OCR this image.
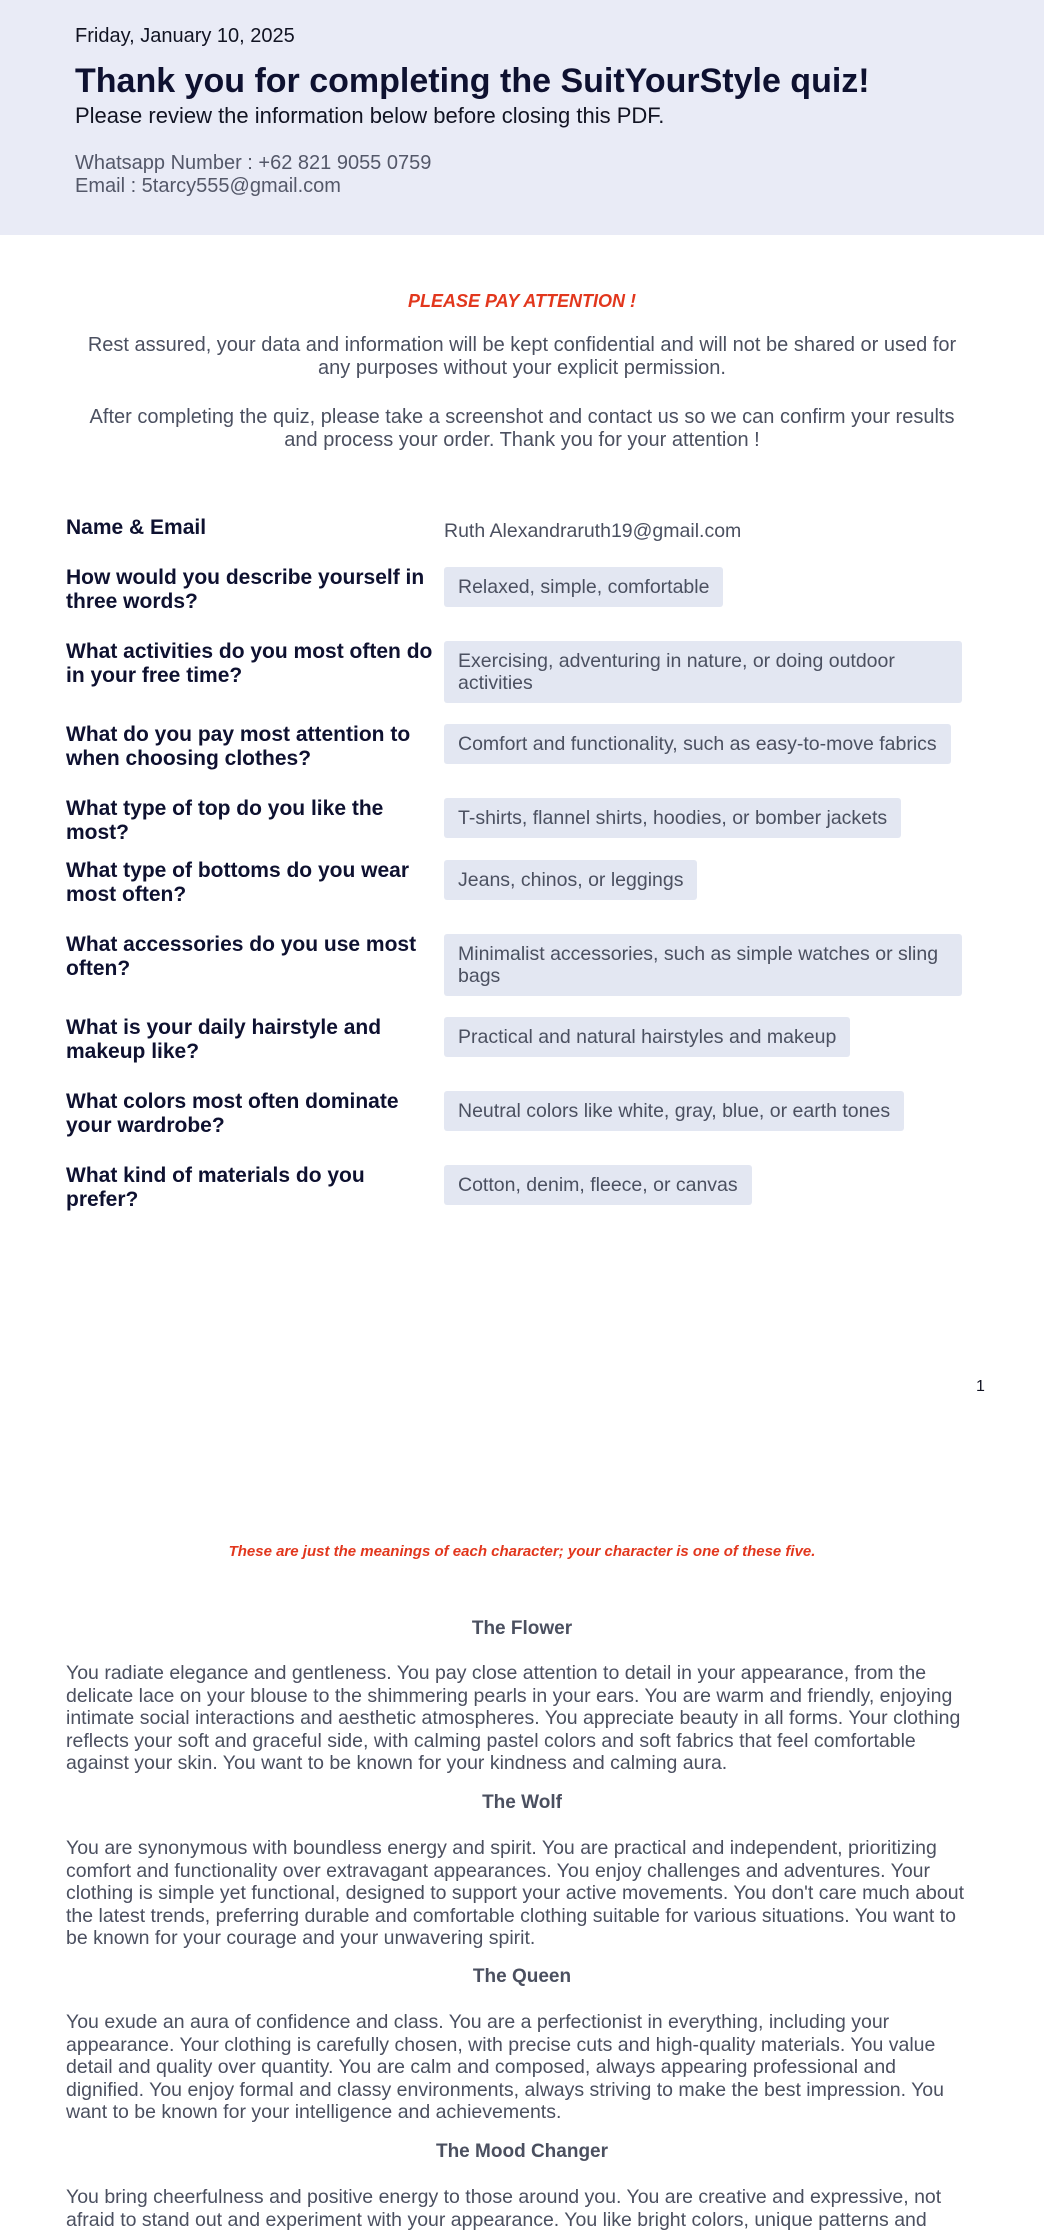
Friday, January 10, 2025
Thank you for completing the SuitYourStyle quiz!
Please review the information below before closing this PDF.
Whatsapp Number : +62 821 9055 0759
Email : 5tarcy555@gmail.com
PLEASE PAY ATTENTION !
Rest assured, your data and information will be kept confidential and will not be shared or used for any purposes without your explicit permission.
After completing the quiz, please take a screenshot and contact us so we can confirm your results and process your order. Thank you for your attention !
Name & Email	Ruth Alexandraruth19@gmail.com
How would you describe yourself in three words?
Relaxed, simple, comfortable
What activities do you most often do in your free time?
Exercising, adventuring in nature, or doing outdoor activities
What do you pay most attention to when choosing clothes?
Comfort and functionality, such as easy-to-move fabrics
What type of top do you like the most?
T-shirts, flannel shirts, hoodies, or bomber jackets
What type of bottoms do you wear most often?
Jeans, chinos, or leggings
What accessories do you use most often?
Minimalist accessories, such as simple watches or sling bags
What is your daily hairstyle and makeup like?
Practical and natural hairstyles and makeup
What colors most often dominate your wardrobe?
Neutral colors like white, gray, blue, or earth tones
What kind of materials do you prefer?
Cotton, denim, fleece, or canvas
1
These are just the meanings of each character; your character is one of these five.
The Flower
You radiate elegance and gentleness. You pay close attention to detail in your appearance, from the delicate lace on your blouse to the shimmering pearls in your ears. You are warm and friendly, enjoying intimate social interactions and aesthetic atmospheres. You appreciate beauty in all forms. Your clothing reflects your soft and graceful side, with calming pastel colors and soft fabrics that feel comfortable against your skin. You want to be known for your kindness and calming aura.
The Wolf
You are synonymous with boundless energy and spirit. You are practical and independent, prioritizing comfort and functionality over extravagant appearances. You enjoy challenges and adventures. Your clothing is simple yet functional, designed to support your active movements. You don't care much about the latest trends, preferring durable and comfortable clothing suitable for various situations. You want to be known for your courage and your unwavering spirit.
The Queen
You exude an aura of confidence and class. You are a perfectionist in everything, including your appearance. Your clothing is carefully chosen, with precise cuts and high-quality materials. You value detail and quality over quantity. You are calm and composed, always appearing professional and dignified. You enjoy formal and classy environments, always striving to make the best impression. You want to be known for your intelligence and achievements.
The Mood Changer
You bring cheerfulness and positive energy to those around you. You are creative and expressive, not afraid to stand out and experiment with your appearance. You like bright colors, unique patterns and
